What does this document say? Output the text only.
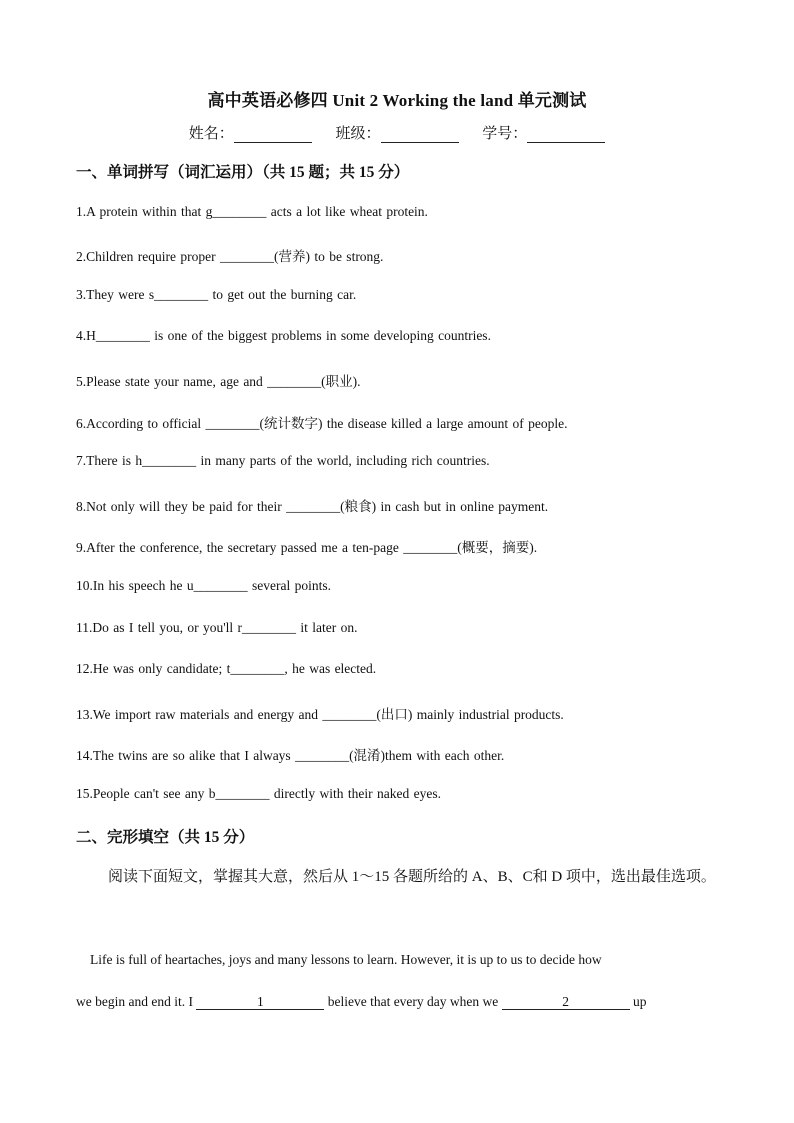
高中英语必修四 Unit 2 Working the land 单元测试
姓名：	班级：	学号：
一、单词拼写（词汇运用）（共 15 题；共 15 分）
1.A protein within that g________ acts a lot like wheat protein.
2.Children require proper ________(营养) to be strong.
3.They were s________ to get out the burning car.
4.H________ is one of the biggest problems in some developing countries.
5.Please state your name, age and ________(职业).
6.According to official ________(统计数字) the disease killed a large amount of people.
7.There is h________ in many parts of the world, including rich countries.
8.Not only will they be paid for their ________(粮食) in cash but in online payment.
9.After the conference, the secretary passed me a ten-page ________(概要，摘要).
10.In his speech he u________ several points.
11.Do as I tell you, or you'll r________ it later on.
12.He was only candidate; t________, he was elected.
13.We import raw materials and energy and ________(出口) mainly industrial products.
14.The twins are so alike that I always ________(混淆)them with each other.
15.People can't see any b________ directly with their naked eyes.
二、完形填空（共 15 分）
阅读下面短文，掌握其大意，然后从 1～15 各题所给的 A、B、C和 D 项中，选出最佳选项。
Life is full of heartaches, joys and many lessons to learn. However, it is up to us to decide how
we begin and end it. I	1	believe that every day when we	2	up
